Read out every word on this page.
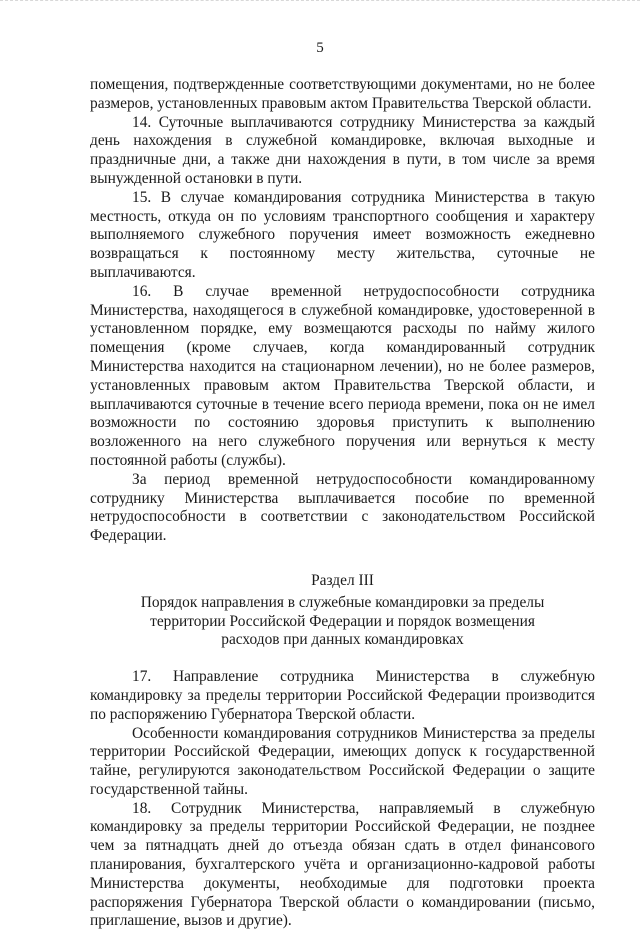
5

помещения, подтвержденные соответствующими документами, но не более размеров, установленных правовым актом Правительства Тверской области.

14. Суточные выплачиваются сотруднику Министерства за каждый день нахождения в служебной командировке, включая выходные и праздничные дни, а также дни нахождения в пути, в том числе за время вынужденной остановки в пути.

15. В случае командирования сотрудника Министерства в такую местность, откуда он по условиям транспортного сообщения и характеру выполняемого служебного поручения имеет возможность ежедневно возвращаться к постоянному месту жительства, суточные не выплачиваются.

16. В случае временной нетрудоспособности сотрудника Министерства, находящегося в служебной командировке, удостоверенной в установленном порядке, ему возмещаются расходы по найму жилого помещения (кроме случаев, когда командированный сотрудник Министерства находится на стационарном лечении), но не более размеров, установленных правовым актом Правительства Тверской области, и выплачиваются суточные в течение всего периода времени, пока он не имел возможности по состоянию здоровья приступить к выполнению возложенного на него служебного поручения или вернуться к месту постоянной работы (службы).

За период временной нетрудоспособности командированному сотруднику Министерства выплачивается пособие по временной нетрудоспособности в соответствии с законодательством Российской Федерации.

Раздел III
Порядок направления в служебные командировки за пределы
территории Российской Федерации и порядок возмещения
расходов при данных командировках

17. Направление сотрудника Министерства в служебную командировку за пределы территории Российской Федерации производится по распоряжению Губернатора Тверской области.

Особенности командирования сотрудников Министерства за пределы территории Российской Федерации, имеющих допуск к государственной тайне, регулируются законодательством Российской Федерации о защите государственной тайны.

18. Сотрудник Министерства, направляемый в служебную командировку за пределы территории Российской Федерации, не позднее чем за пятнадцать дней до отъезда обязан сдать в отдел финансового планирования, бухгалтерского учёта и организационно-кадровой работы Министерства документы, необходимые для подготовки проекта распоряжения Губернатора Тверской области о командировании (письмо, приглашение, вызов и другие).
